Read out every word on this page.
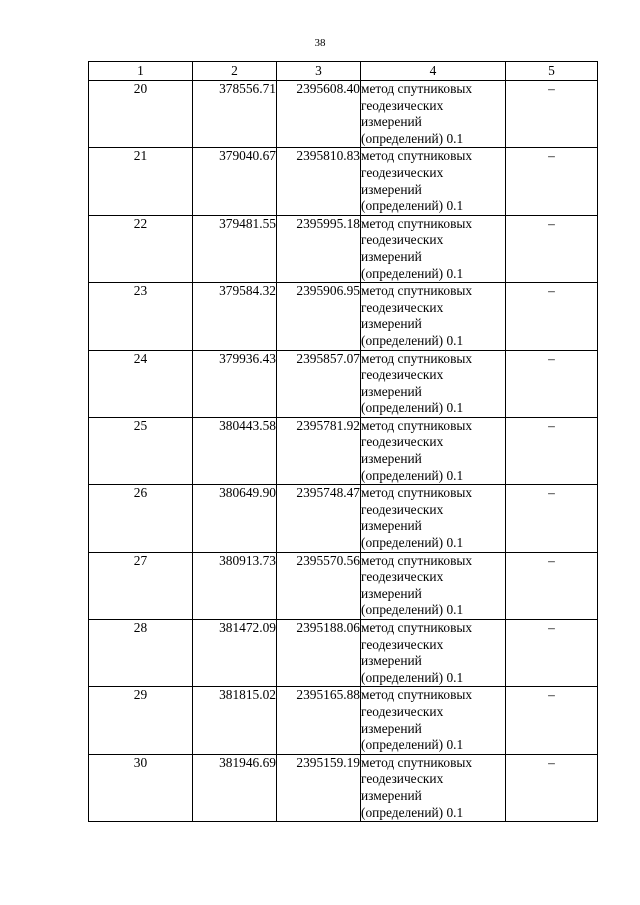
38
1	2	3	4	5
20	378556.71	2395608.40	метод спутниковых
геодезических
измерений
(определений) 0.1	–
21	379040.67	2395810.83	метод спутниковых
геодезических
измерений
(определений) 0.1	–
22	379481.55	2395995.18	метод спутниковых
геодезических
измерений
(определений) 0.1	–
23	379584.32	2395906.95	метод спутниковых
геодезических
измерений
(определений) 0.1	–
24	379936.43	2395857.07	метод спутниковых
геодезических
измерений
(определений) 0.1	–
25	380443.58	2395781.92	метод спутниковых
геодезических
измерений
(определений) 0.1	–
26	380649.90	2395748.47	метод спутниковых
геодезических
измерений
(определений) 0.1	–
27	380913.73	2395570.56	метод спутниковых
геодезических
измерений
(определений) 0.1	–
28	381472.09	2395188.06	метод спутниковых
геодезических
измерений
(определений) 0.1	–
29	381815.02	2395165.88	метод спутниковых
геодезических
измерений
(определений) 0.1	–
30	381946.69	2395159.19	метод спутниковых
геодезических
измерений
(определений) 0.1	–
